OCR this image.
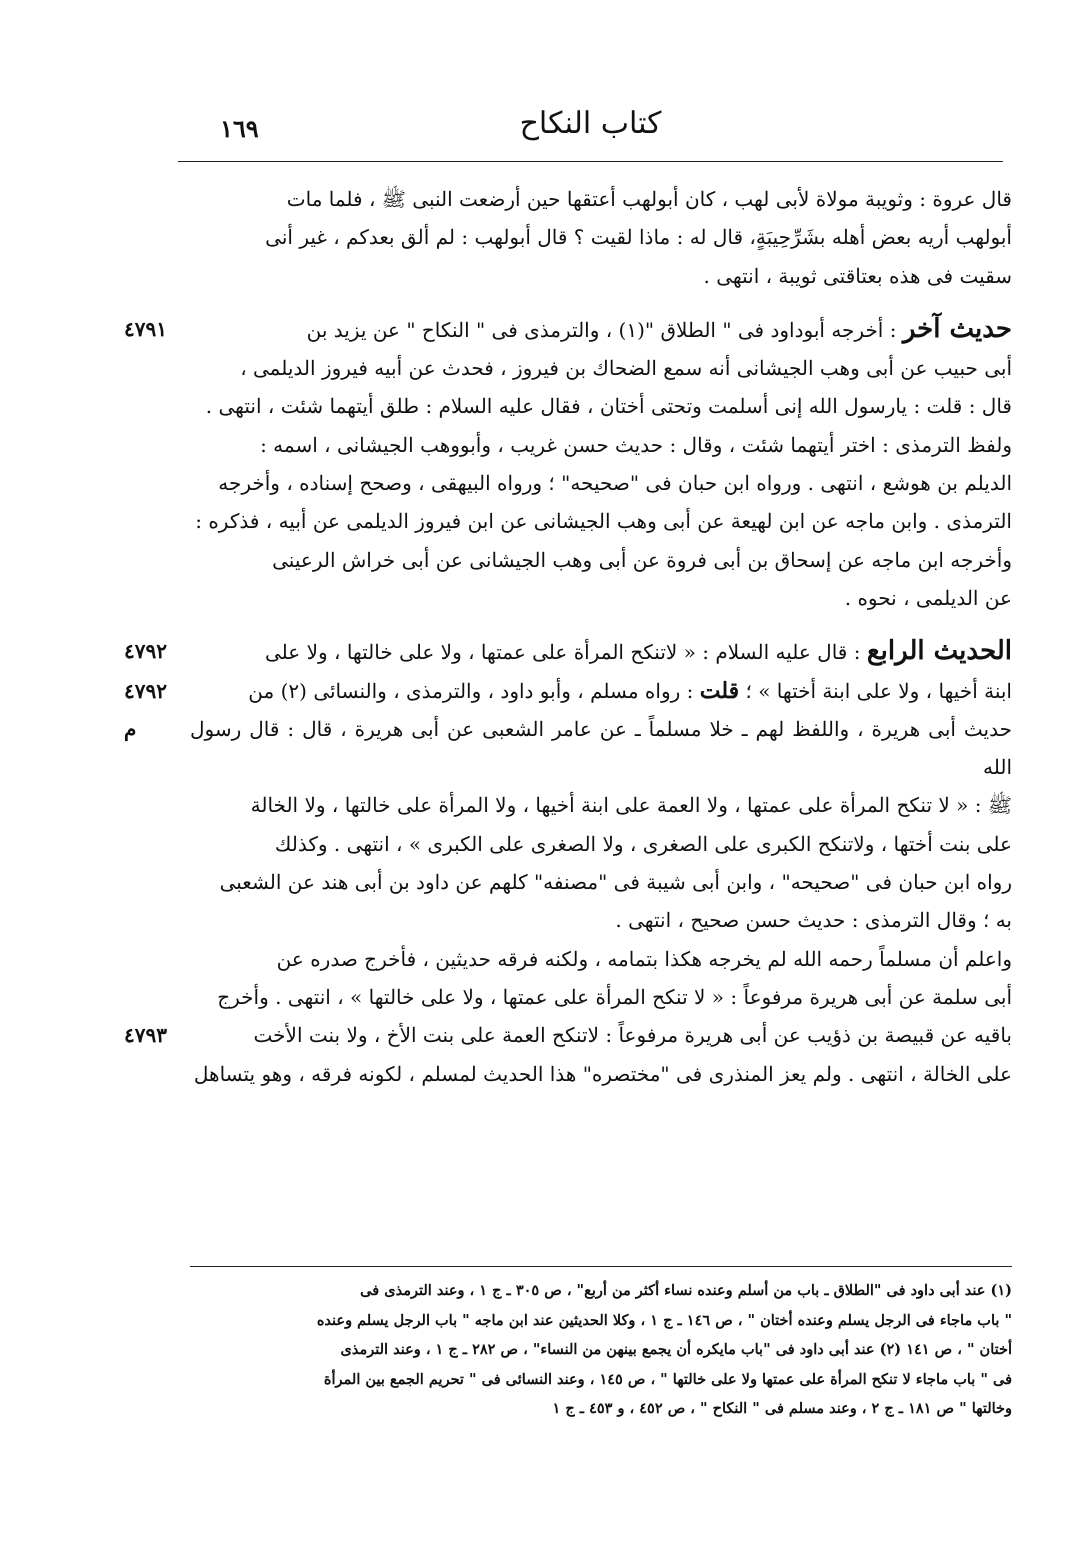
كتاب النكاح
١٦٩

قال عروة : وثويبة مولاة لأبى لهب ، كان أبولهب أعتقها حين أرضعت النبى ﷺ ، فلما مات

أبولهب أريه بعض أهله بشَرِّحِيبَةٍ، قال له : ماذا لقيت ؟ قال أبولهب : لم ألق بعدكم ، غير أنى

سقيت فى هذه بعتاقتى ثويبة ، انتهى .

٤٧٩١	حديث آخر : أخرجه أبوداود فى " الطلاق "(١) ، والترمذى فى " النكاح " عن يزيد بن

أبى حبيب عن أبى وهب الجيشانى أنه سمع الضحاك بن فيروز ، فحدث عن أبيه فيروز الديلمى ،

قال : قلت : يارسول الله إنى أسلمت وتحتى أختان ، فقال عليه السلام : طلق أيتهما شئت ، انتهى .

ولفظ الترمذى : اختر أيتهما شئت ، وقال : حديث حسن غريب ، وأبووهب الجيشانى ، اسمه :

الديلم بن هوشع ، انتهى . ورواه ابن حبان فى "صحيحه" ؛ ورواه البيهقى ، وصحح إسناده ، وأخرجه

الترمذى . وابن ماجه عن ابن لهيعة عن أبى وهب الجيشانى عن ابن فيروز الديلمى عن أبيه ، فذكره :

وأخرجه ابن ماجه عن إسحاق بن أبى فروة عن أبى وهب الجيشانى عن أبى خراش الرعينى

عن الديلمى ، نحوه .

٤٧٩٢	الحديث الرابع : قال عليه السلام : « لاتنكح المرأة على عمتها ، ولا على خالتها ، ولا على

٤٧٩٢ م
ابنة أخيها ، ولا على ابنة أختها » ؛ قلت : رواه مسلم ، وأبو داود ، والترمذى ، والنسائى (٢) من

حديث أبى هريرة ، واللفظ لهم ـ خلا مسلماً ـ عن عامر الشعبى عن أبى هريرة ، قال : قال رسول الله

ﷺ : « لا تنكح المرأة على عمتها ، ولا العمة على ابنة أخيها ، ولا المرأة على خالتها ، ولا الخالة

على بنت أختها ، ولاتنكح الكبرى على الصغرى ، ولا الصغرى على الكبرى » ، انتهى . وكذلك

رواه ابن حبان فى "صحيحه" ، وابن أبى شيبة فى "مصنفه" كلهم عن داود بن أبى هند عن الشعبى

به ؛ وقال الترمذى : حديث حسن صحيح ، انتهى .

واعلم أن مسلماً رحمه الله لم يخرجه هكذا بتمامه ، ولكنه فرقه حديثين ، فأخرج صدره عن

أبى سلمة عن أبى هريرة مرفوعاً : « لا تنكح المرأة على عمتها ، ولا على خالتها » ، انتهى . وأخرج

٤٧٩٣	باقيه عن قبيصة بن ذؤيب عن أبى هريرة مرفوعاً : لاتنكح العمة على بنت الأخ ، ولا بنت الأخت

على الخالة ، انتهى . ولم يعز المنذرى فى "مختصره" هذا الحديث لمسلم ، لكونه فرقه ، وهو يتساهل

(١) عند أبى داود فى "الطلاق ـ باب من أسلم وعنده نساء أكثر من أربع" ، ص ٣٠٥ ـ ج ١ ، وعند الترمذى فى

" باب ماجاء فى الرجل يسلم وعنده أختان " ، ص ١٤٦ ـ ج ١ ، وكلا الحديثين عند ابن ماجه " باب الرجل يسلم وعنده

أختان " ، ص ١٤١ (٢) عند أبى داود فى "باب مايكره أن يجمع بينهن من النساء" ، ص ٢٨٢ ـ ج ١ ، وعند الترمذى

فى " باب ماجاء لا تنكح المرأة على عمتها ولا على خالتها " ، ص ١٤٥ ، وعند النسائى فى " تحريم الجمع بين المرأة

وخالتها " ص ١٨١ ـ ج ٢ ، وعند مسلم فى " النكاح " ، ص ٤٥٢ ، و ٤٥٣ ـ ج ١
